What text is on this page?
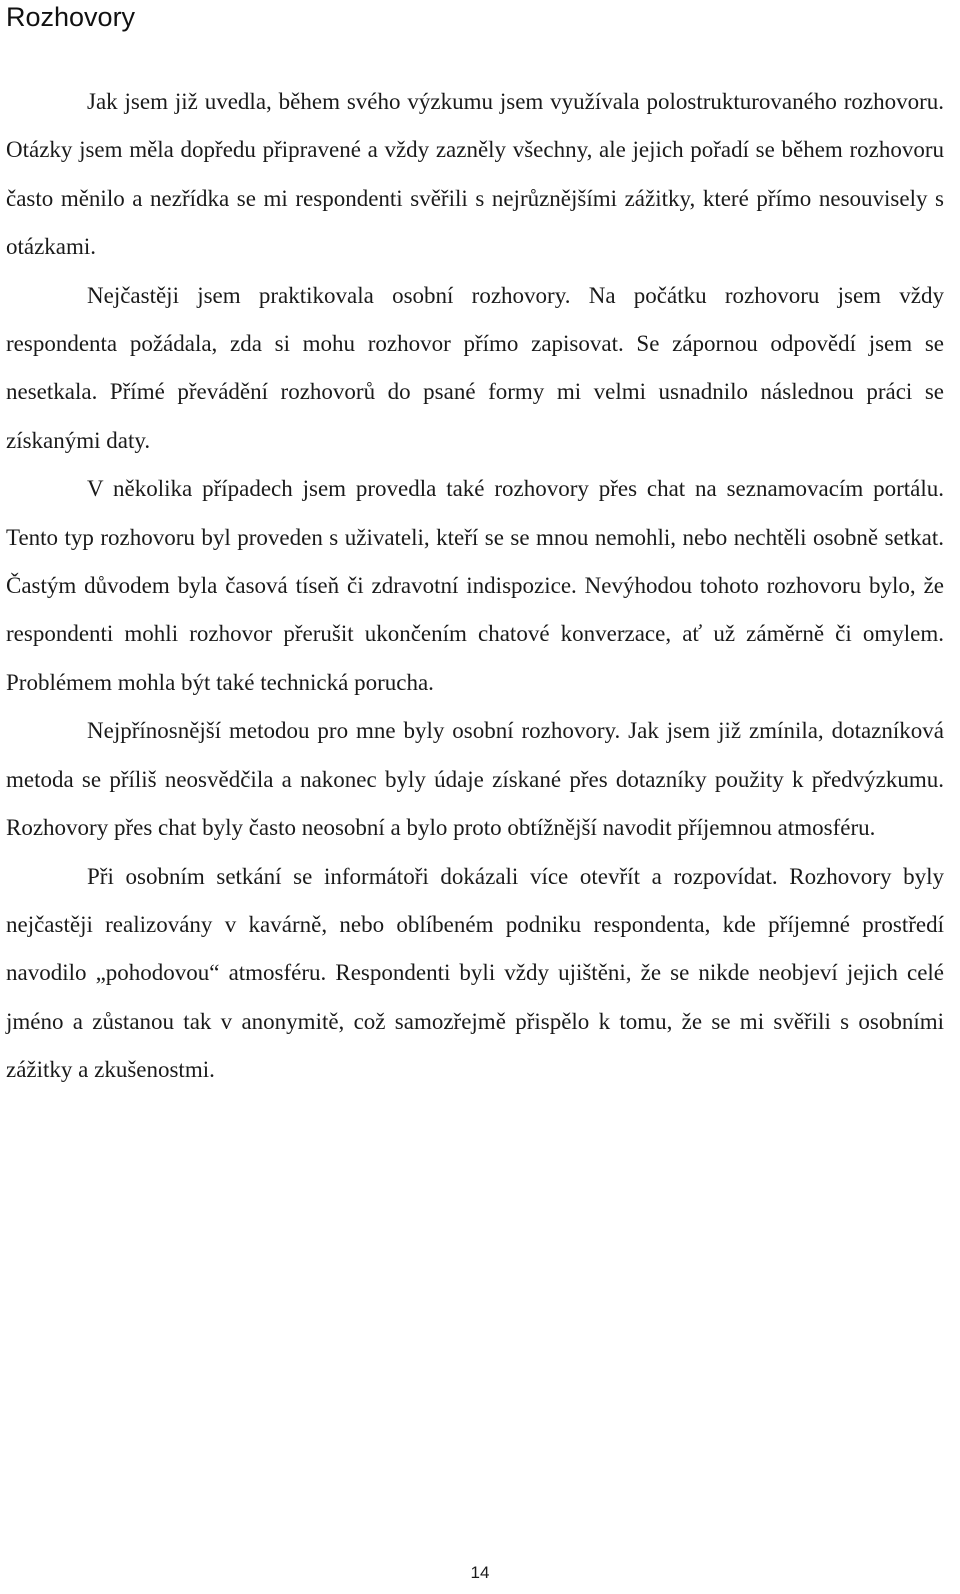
Rozhovory

Jak jsem již uvedla, během svého výzkumu jsem využívala polostrukturovaného rozhovoru. Otázky jsem měla dopředu připravené a vždy zazněly všechny, ale jejich pořadí se během rozhovoru často měnilo a nezřídka se mi respondenti svěřili s nejrůznějšími zážitky, které přímo nesouvisely s otázkami.

Nejčastěji jsem praktikovala osobní rozhovory. Na počátku rozhovoru jsem vždy respondenta požádala, zda si mohu rozhovor přímo zapisovat. Se zápornou odpovědí jsem se nesetkala. Přímé převádění rozhovorů do psané formy mi velmi usnadnilo následnou práci se získanými daty.

V několika případech jsem provedla také rozhovory přes chat na seznamovacím portálu. Tento typ rozhovoru byl proveden s uživateli, kteří se se mnou nemohli, nebo nechtěli osobně setkat. Častým důvodem byla časová tíseň či zdravotní indispozice. Nevýhodou tohoto rozhovoru bylo, že respondenti mohli rozhovor přerušit ukončením chatové konverzace, ať už záměrně či omylem. Problémem mohla být také technická porucha.

Nejpřínosnější metodou pro mne byly osobní rozhovory. Jak jsem již zmínila, dotazníková metoda se příliš neosvědčila a nakonec byly údaje získané přes dotazníky použity k předvýzkumu. Rozhovory přes chat byly často neosobní a bylo proto obtížnější navodit příjemnou atmosféru.

Při osobním setkání se informátoři dokázali více otevřít a rozpovídat. Rozhovory byly nejčastěji realizovány v kavárně, nebo oblíbeném podniku respondenta, kde příjemné prostředí navodilo „pohodovou“ atmosféru. Respondenti byli vždy ujištěni, že se nikde neobjeví jejich celé jméno a zůstanou tak v anonymitě, což samozřejmě přispělo k tomu, že se mi svěřili s osobními zážitky a zkušenostmi.

14
